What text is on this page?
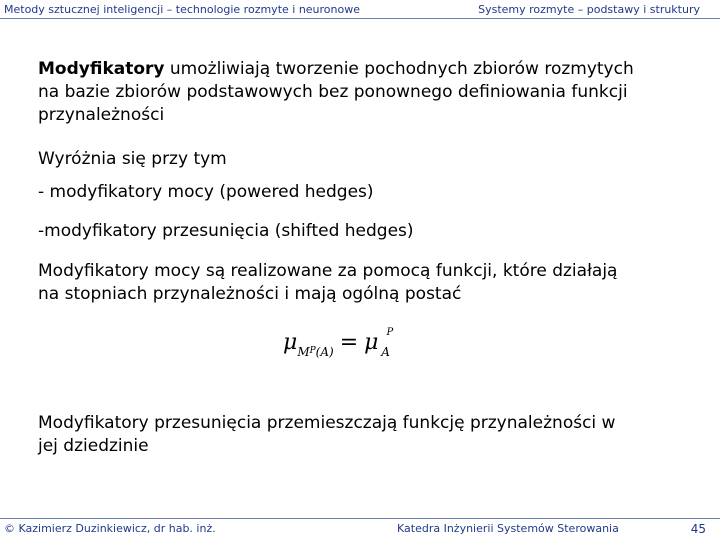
Metody sztucznej inteligencji – technologie rozmyte i neuronowe	Systemy rozmyte – podstawy i struktury
Modyfikatory umożliwiają tworzenie pochodnych zbiorów rozmytych
na bazie zbiorów podstawowych bez ponownego definiowania funkcji
przynależności
Wyróżnia się przy tym
- modyfikatory mocy (powered hedges)
-modyfikatory przesunięcia (shifted hedges)
Modyfikatory mocy są realizowane za pomocą funkcji, które działają
na stopniach przynależności i mają ogólną postać
$\mu_{M^P(A)} = \mu$ $^P_A$
Modyfikatory przesunięcia przemieszczają funkcję przynależności w
jej dziedzinie
© Kazimierz Duzinkiewicz, dr hab. inż.	Katedra Inżynierii Systemów Sterowania	45
